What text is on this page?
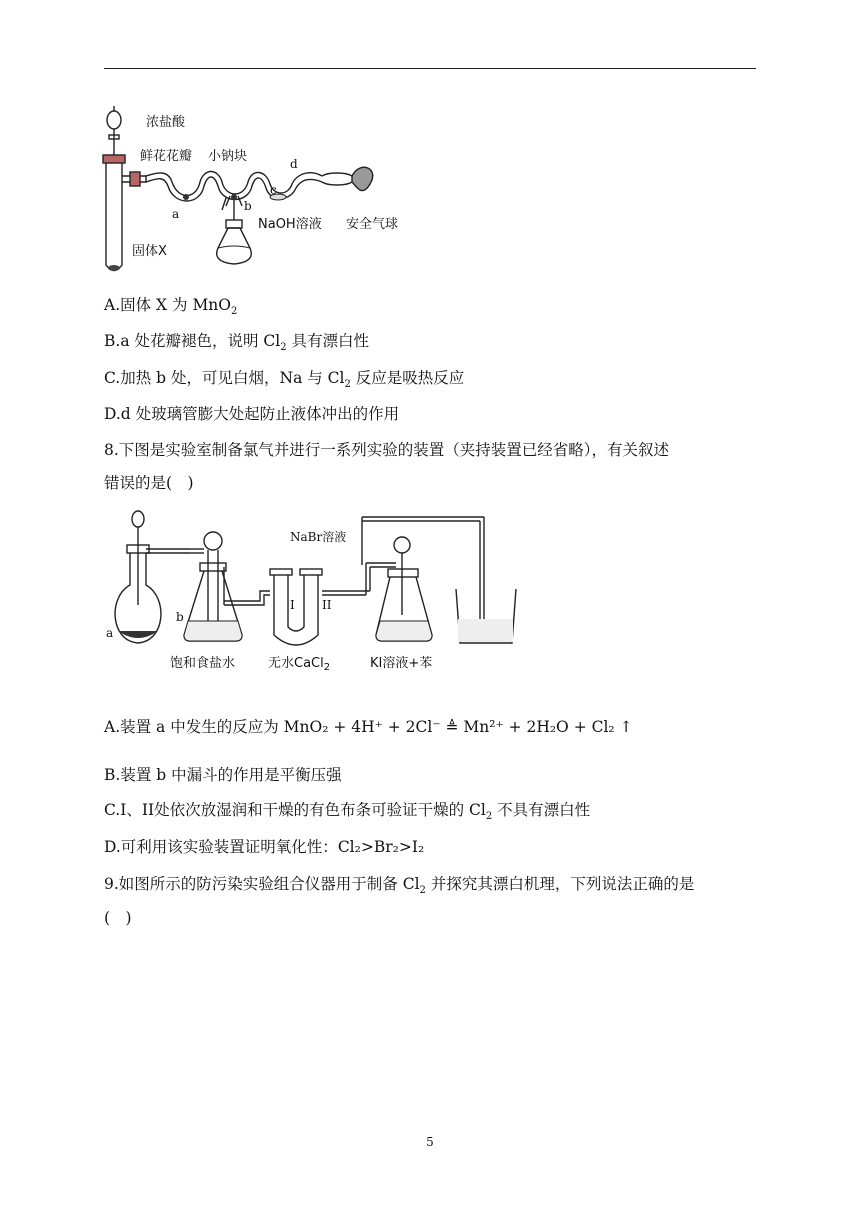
浓盐酸
鲜花花瓣 小钠块	d
c
a
b
NaOH溶液 安全气球
固体X
A.固体 X 为 MnO$_2$
B.a 处花瓣褪色，说明 $Cl_2$ 具有漂白性
C.加热 b 处，可见白烟，Na 与 $Cl_2$ 反应是吸热反应
D.d 处玻璃管膨大处起防止液体冲出的作用
8.下图是实验室制备氯气并进行一系列实验的装置（夹持装置已经省略），有关叙述
错误的是(　)
NaBr溶液
a
b
I II
饱和食盐水	无水CaCl$_2$	KI溶液+苯
A.装置 a 中发生的反应为 MnO₂ + 4H⁺ + 2Cl⁻ ≜ Mn²⁺ + 2H₂O + Cl₂ ↑
B.装置 b 中漏斗的作用是平衡压强
C.I、II处依次放湿润和干燥的有色布条可验证干燥的 $Cl_2$ 不具有漂白性
D.可利用该实验装置证明氧化性：Cl₂>Br₂>I₂
9.如图所示的防污染实验组合仪器用于制备 $Cl_2$ 并探究其漂白机理，下列说法正确的是
(　)
5
